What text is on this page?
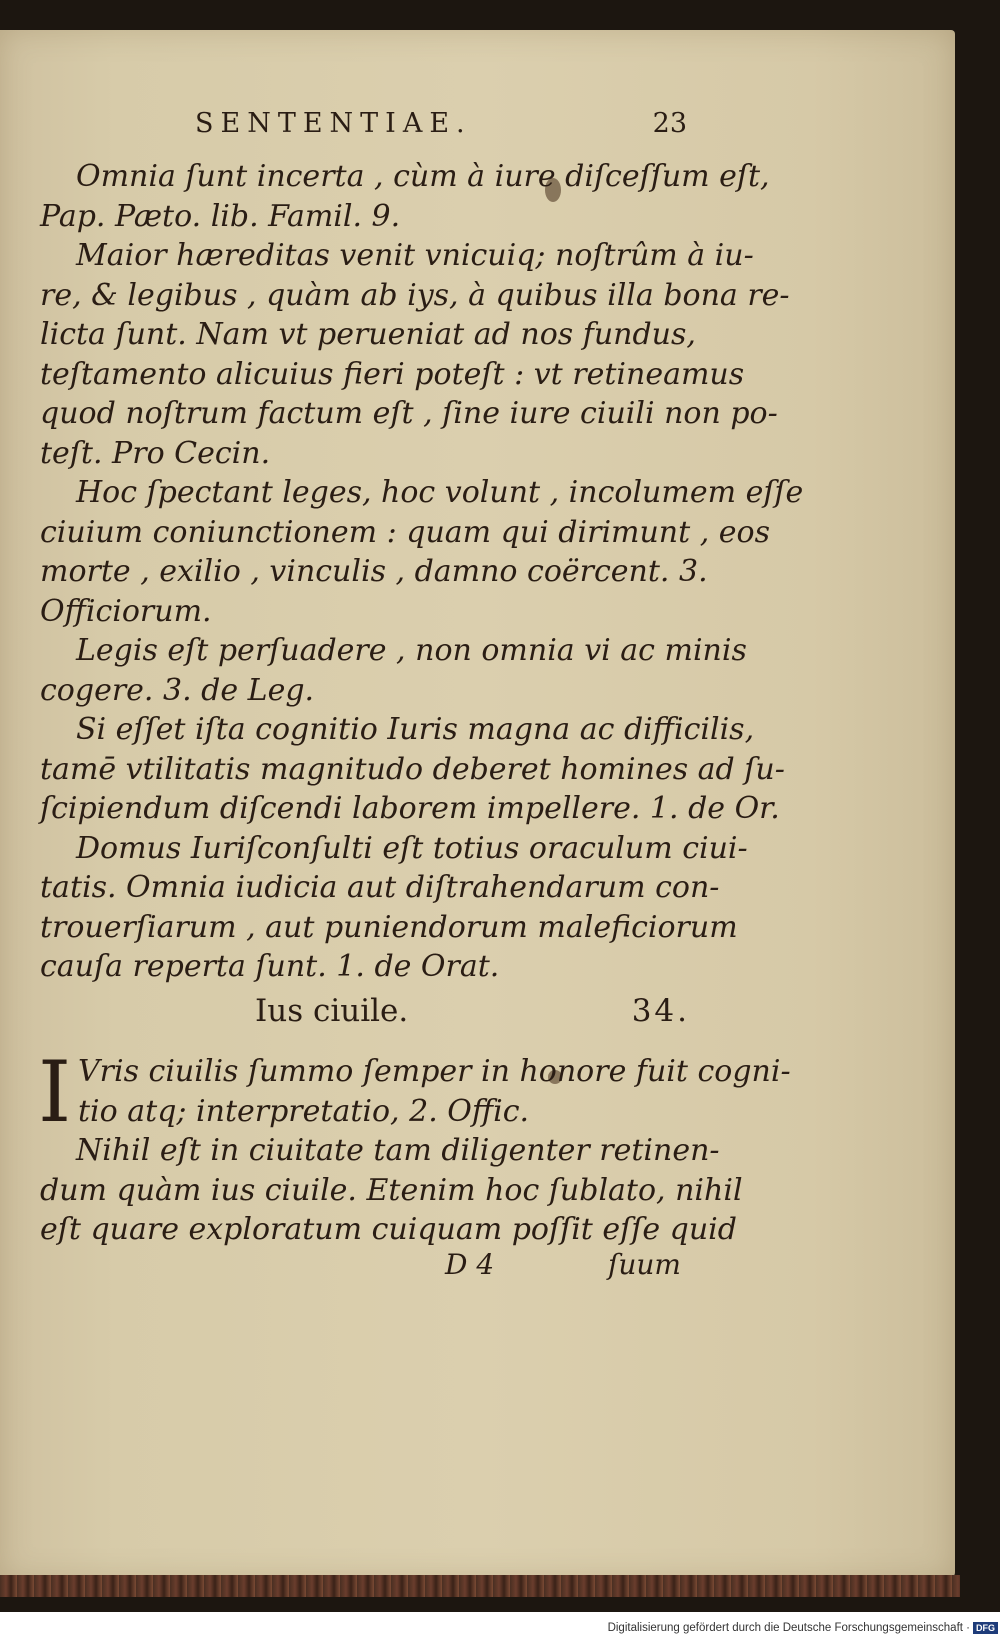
SENTENTIAE.	23
Omnia ſunt incerta , cùm à iure diſceſſum eſt,
Pap. Pæto. lib. Famil. 9.
Maior hæreditas venit vnicuiq; noſtrûm à iu-
re, & legibus , quàm ab iys, à quibus illa bona re-
licta ſunt. Nam vt perueniat ad nos fundus,
teſtamento alicuius fieri poteſt : vt retineamus
quod noſtrum factum eſt , ſine iure ciuili non po-
teſt. Pro Cecin.
Hoc ſpectant leges, hoc volunt , incolumem eſſe
ciuium coniunctionem : quam qui dirimunt , eos
morte , exilio , vinculis , damno coërcent. 3.
Officiorum.
Legis eſt perſuadere , non omnia vi ac minis
cogere. 3. de Leg.
Si eſſet iſta cognitio Iuris magna ac difficilis,
tamē vtilitatis magnitudo deberet homines ad ſu-
ſcipiendum diſcendi laborem impellere. 1. de Or.
Domus Iuriſconſulti eſt totius oraculum ciui-
tatis. Omnia iudicia aut diſtrahendarum con-
trouerſiarum , aut puniendorum maleficiorum
cauſa reperta ſunt. 1. de Orat.
Ius ciuile.	34.
I Vris ciuilis ſummo ſemper in honore fuit cogni-
tio atq; interpretatio, 2. Offic.
Nihil eſt in ciuitate tam diligenter retinen-
dum quàm ius ciuile. Etenim hoc ſublato, nihil
eſt quare exploratum cuiquam poſſit eſſe quid
D 4	ſuum
Digitalisierung gefördert durch die Deutsche Forschungsgemeinschaft · DFG
